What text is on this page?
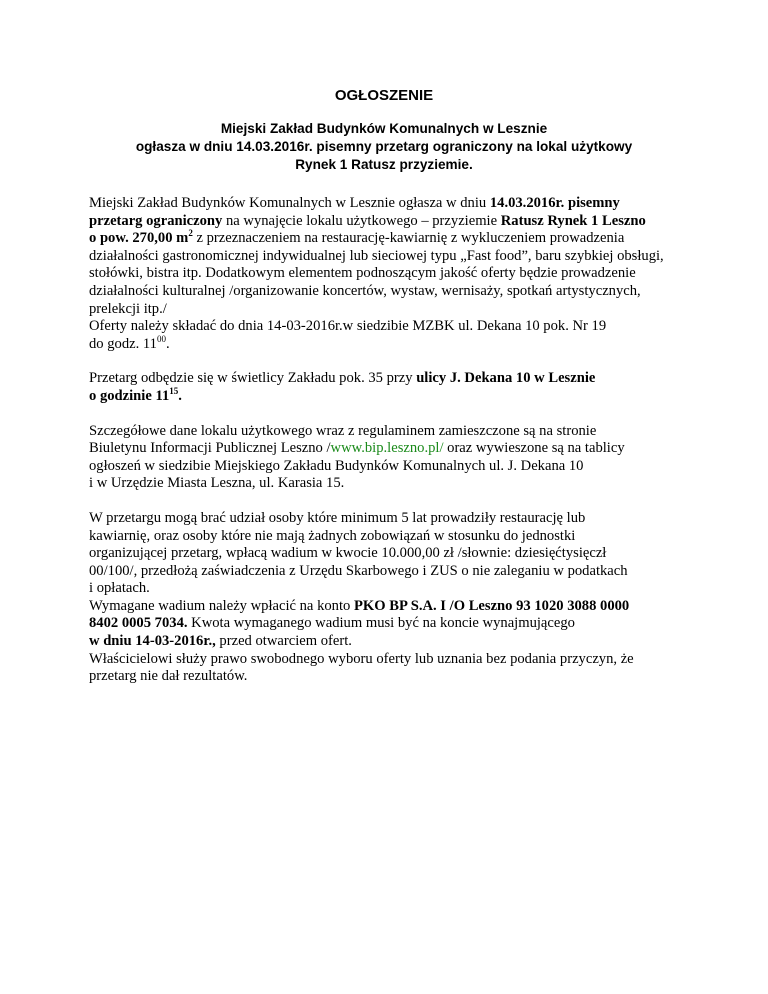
OGŁOSZENIE
Miejski Zakład Budynków Komunalnych w Lesznie
ogłasza w dniu 14.03.2016r. pisemny przetarg ograniczony na lokal użytkowy
Rynek 1 Ratusz przyziemie.
Miejski Zakład Budynków Komunalnych w Lesznie ogłasza w dniu 14.03.2016r. pisemny
przetarg ograniczony na wynajęcie lokalu użytkowego – przyziemie Ratusz Rynek 1 Leszno
o pow. 270,00 $m^2$ z przeznaczeniem na restaurację-kawiarnię z wykluczeniem prowadzenia
działalności gastronomicznej indywidualnej lub sieciowej typu „Fast food”, baru szybkiej obsługi,
stołówki, bistra itp. Dodatkowym elementem podnoszącym jakość oferty będzie prowadzenie
działalności kulturalnej /organizowanie koncertów, wystaw, wernisaży, spotkań artystycznych,
prelekcji itp./
Oferty należy składać do dnia 14-03-2016r.w siedzibie MZBK ul. Dekana 10 pok. Nr 19
do godz. $11^{00}$.
Przetarg odbędzie się w świetlicy Zakładu pok. 35 przy ulicy J. Dekana 10 w Lesznie
o godzinie $11^{15}$.
Szczegółowe dane lokalu użytkowego wraz z regulaminem zamieszczone są na stronie
Biuletynu Informacji Publicznej Leszno /www.bip.leszno.pl/ oraz wywieszone są na tablicy
ogłoszeń w siedzibie Miejskiego Zakładu Budynków Komunalnych ul. J. Dekana 10
i w Urzędzie Miasta Leszna, ul. Karasia 15.
W przetargu mogą brać udział osoby które minimum 5 lat prowadziły restaurację lub
kawiarnię, oraz osoby które nie mają żadnych zobowiązań w stosunku do jednostki
organizującej przetarg, wpłacą wadium w kwocie 10.000,00 zł /słownie: dziesięćtysięczł
00/100/, przedłożą zaświadczenia z Urzędu Skarbowego i ZUS o nie zaleganiu w podatkach
i opłatach.
Wymagane wadium należy wpłacić na konto PKO BP S.A. I /O Leszno 93 1020 3088 0000
8402 0005 7034. Kwota wymaganego wadium musi być na koncie wynajmującego
w dniu 14-03-2016r., przed otwarciem ofert.
Właścicielowi służy prawo swobodnego wyboru oferty lub uznania bez podania przyczyn, że
przetarg nie dał rezultatów.
